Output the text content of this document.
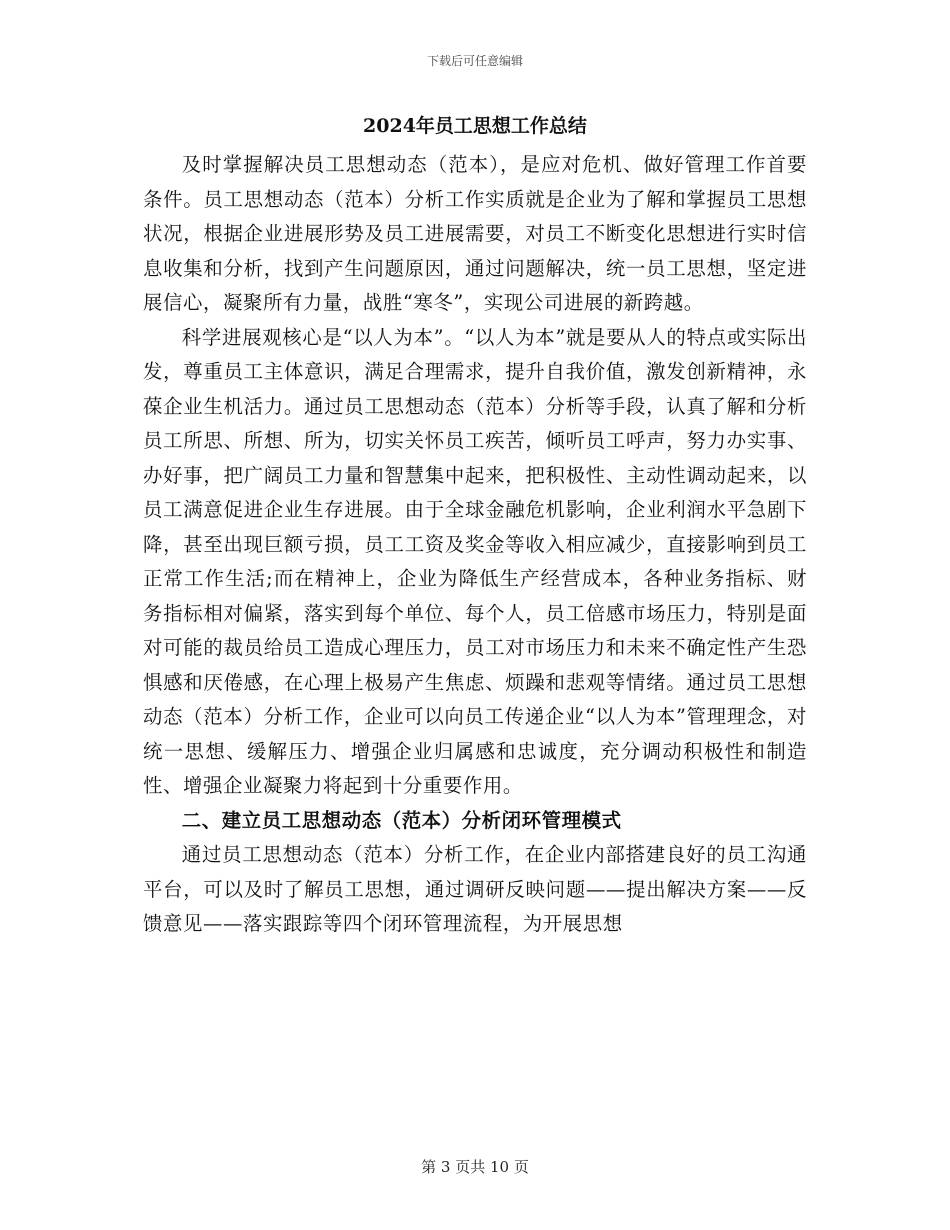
下载后可任意编辑
2024年员工思想工作总结

及时掌握解决员工思想动态（范本），是应对危机、做好管理工作首要条件。员工思想动态（范本）分析工作实质就是企业为了解和掌握员工思想状况，根据企业进展形势及员工进展需要，对员工不断变化思想进行实时信息收集和分析，找到产生问题原因，通过问题解决，统一员工思想，坚定进展信心，凝聚所有力量，战胜“寒冬”，实现公司进展的新跨越。

科学进展观核心是“以人为本”。“以人为本”就是要从人的特点或实际出发，尊重员工主体意识，满足合理需求，提升自我价值，激发创新精神，永葆企业生机活力。通过员工思想动态（范本）分析等手段，认真了解和分析员工所思、所想、所为，切实关怀员工疾苦，倾听员工呼声，努力办实事、办好事，把广阔员工力量和智慧集中起来，把积极性、主动性调动起来，以员工满意促进企业生存进展。由于全球金融危机影响，企业利润水平急剧下降，甚至出现巨额亏损，员工工资及奖金等收入相应减少，直接影响到员工正常工作生活;而在精神上，企业为降低生产经营成本，各种业务指标、财务指标相对偏紧，落实到每个单位、每个人，员工倍感市场压力，特别是面对可能的裁员给员工造成心理压力，员工对市场压力和未来不确定性产生恐惧感和厌倦感，在心理上极易产生焦虑、烦躁和悲观等情绪。通过员工思想动态（范本）分析工作，企业可以向员工传递企业“以人为本”管理理念，对统一思想、缓解压力、增强企业归属感和忠诚度，充分调动积极性和制造性、增强企业凝聚力将起到十分重要作用。

二、建立员工思想动态（范本）分析闭环管理模式

通过员工思想动态（范本）分析工作，在企业内部搭建良好的员工沟通平台，可以及时了解员工思想，通过调研反映问题——提出解决方案——反馈意见——落实跟踪等四个闭环管理流程，为开展思想

第 3 页共 10 页
